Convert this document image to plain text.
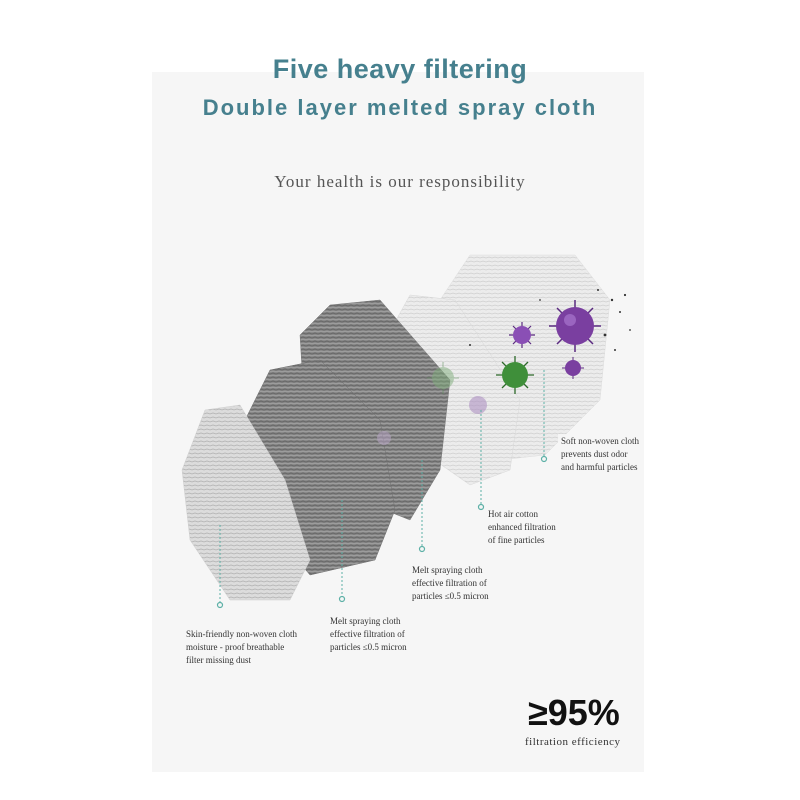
Five heavy filtering
Double layer melted spray cloth
Your health is our responsibility
Skin-friendly non-woven cloth
moisture - proof breathable
filter missing dust
Melt spraying cloth
effective filtration of
particles ≤0.5 micron
Melt spraying cloth
effective filtration of
particles ≤0.5 micron
Hot air cotton
enhanced filtration
of fine particles
Soft non-woven cloth
prevents dust odor
and harmful particles
≥95%
filtration efficiency
